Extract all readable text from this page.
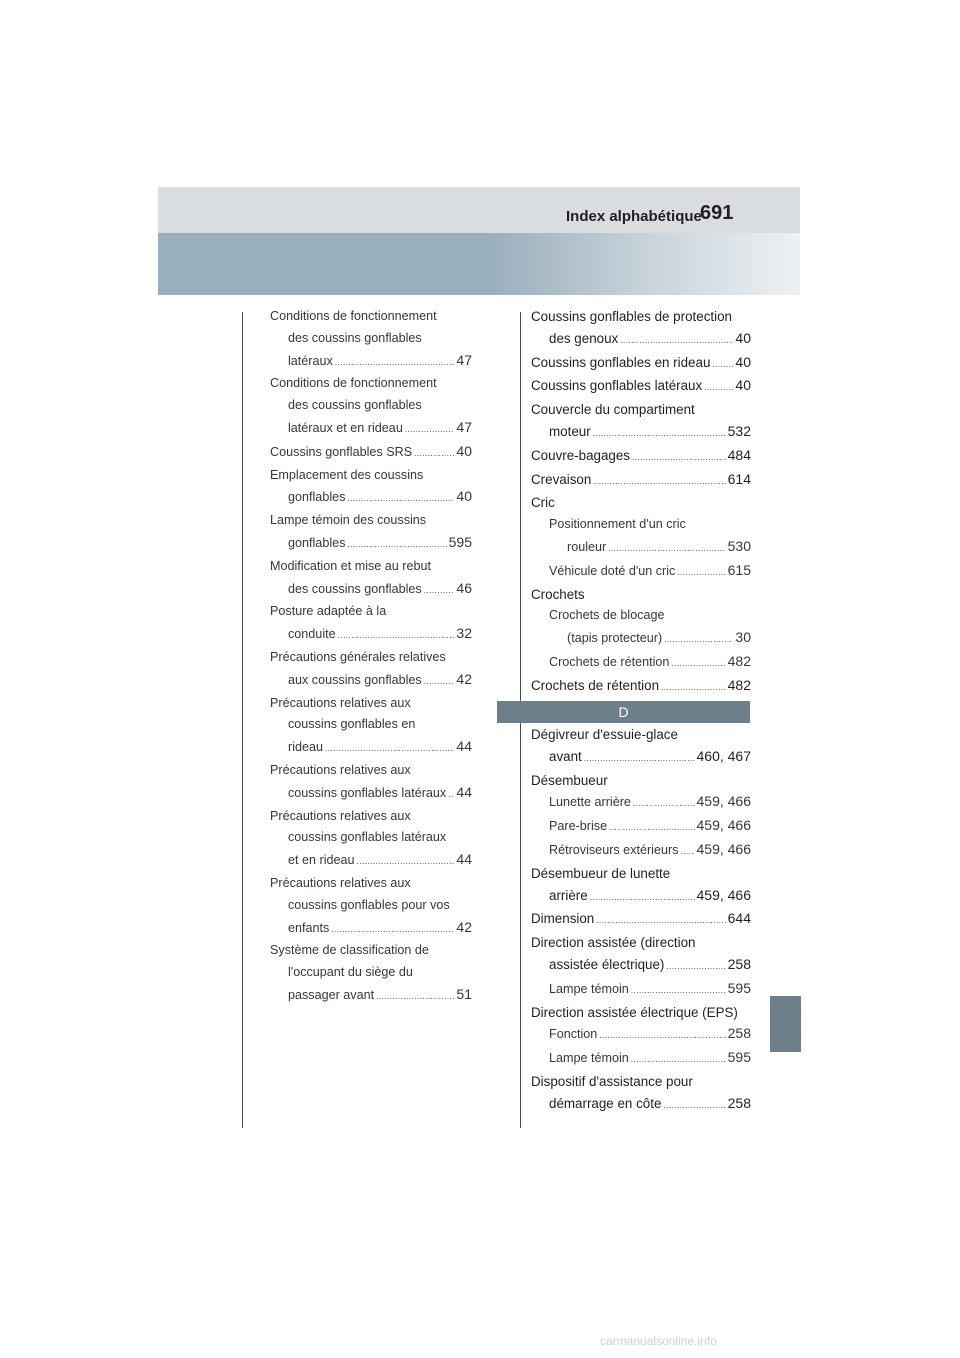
Index alphabétique
691
Conditions de fonctionnement
des coussins gonflables
latéraux .....	47
Conditions de fonctionnement
des coussins gonflables
latéraux et en rideau .....	47
Coussins gonflables SRS .....	40
Emplacement des coussins
gonflables .....	40
Lampe témoin des coussins
gonflables .....	595
Modification et mise au rebut
des coussins gonflables ..... 46
Posture adaptée à la
conduite .....	32
Précautions générales relatives
aux coussins gonflables ..... 42
Précautions relatives aux
coussins gonflables en
rideau .....	44
Précautions relatives aux
coussins gonflables latéraux ..... 44
Précautions relatives aux
coussins gonflables latéraux
et en rideau .....	44
Précautions relatives aux
coussins gonflables pour vos
enfants .....	42
Système de classification de
l'occupant du siège du
passager avant .....	51
Coussins gonflables de protection
des genoux .....	40
Coussins gonflables en rideau ..... 40
Coussins gonflables latéraux ..... 40
Couvercle du compartiment
moteur .....	532
Couvre-bagages .....	484
Crevaison .....	614
Cric
Positionnement d'un cric
rouleur .....	530
Véhicule doté d'un cric .....	615
Crochets
Crochets de blocage
(tapis protecteur) .....	30
Crochets de rétention .....	482
Crochets de rétention .....	482
D
Dégivreur d'essuie-glace
avant .....	460, 467
Désembueur
Lunette arrière .....	459, 466
Pare-brise .....	459, 466
Rétroviseurs extérieurs ..... 459, 466
Désembueur de lunette
arrière .....	459, 466
Dimension .....	644
Direction assistée (direction
assistée électrique) .....	258
Lampe témoin .....	595
Direction assistée électrique (EPS)
Fonction .....	258
Lampe témoin .....	595
Dispositif d'assistance pour
démarrage en côte .....	258
carmanualsonline.info
